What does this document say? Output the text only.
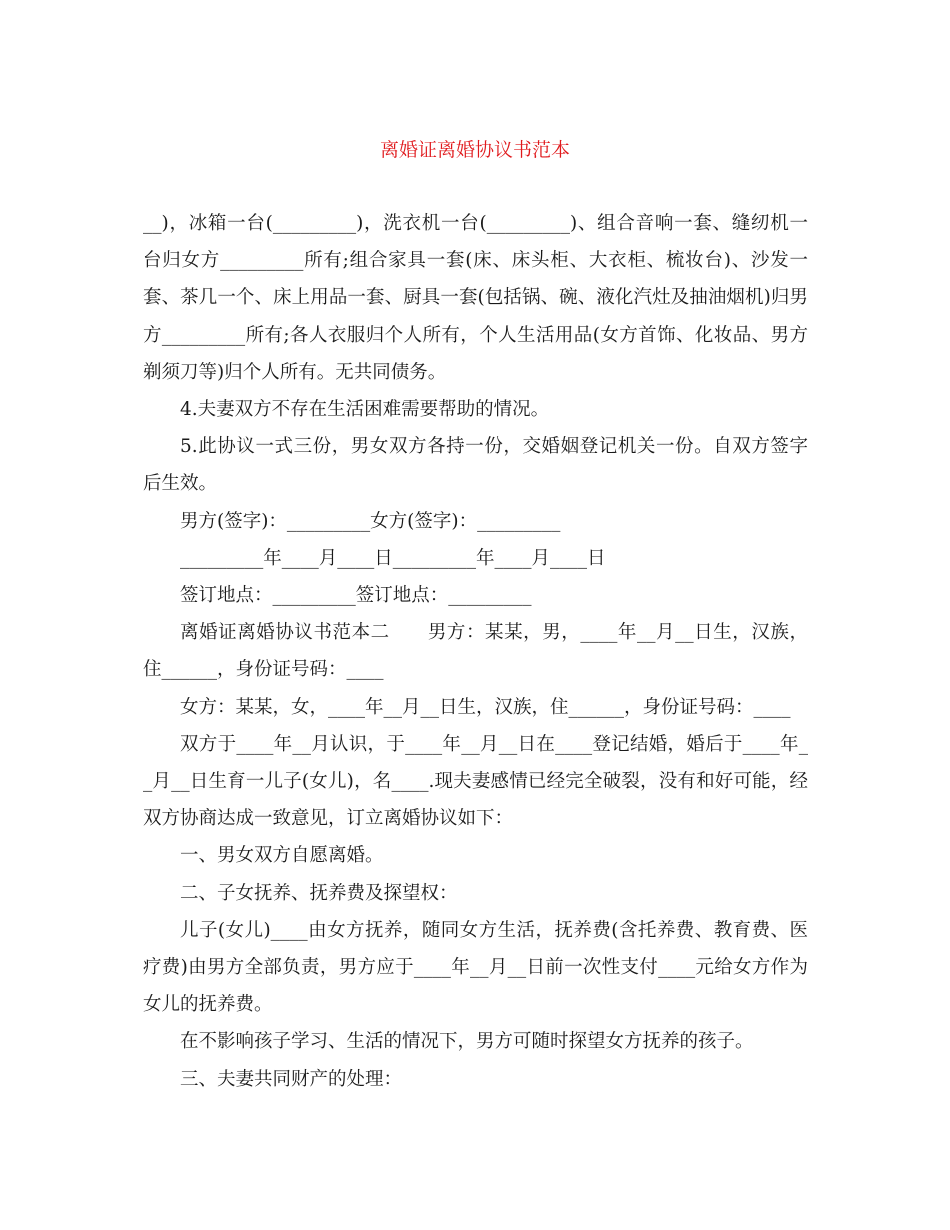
离婚证离婚协议书范本

__)，冰箱一台(_________)，洗衣机一台(_________)、组合音响一套、缝纫机一台归女方_________所有;组合家具一套(床、床头柜、大衣柜、梳妆台)、沙发一套、茶几一个、床上用品一套、厨具一套(包括锅、碗、液化汽灶及抽油烟机)归男方_________所有;各人衣服归个人所有，个人生活用品(女方首饰、化妆品、男方剃须刀等)归个人所有。无共同债务。

4.夫妻双方不存在生活困难需要帮助的情况。

5.此协议一式三份，男女双方各持一份，交婚姻登记机关一份。自双方签字后生效。

男方(签字)：_________女方(签字)：_________

_________年____月____日_________年____月____日

签订地点：_________签订地点：_________

离婚证离婚协议书范本二　　男方：某某，男，____年__月__日生，汉族，住______，身份证号码：____

女方：某某，女，____年__月__日生，汉族，住______，身份证号码：____

双方于____年__月认识，于____年__月__日在____登记结婚，婚后于____年__月__日生育一儿子(女儿)，名____.现夫妻感情已经完全破裂，没有和好可能，经双方协商达成一致意见，订立离婚协议如下：

一、男女双方自愿离婚。

二、子女抚养、抚养费及探望权：

儿子(女儿)____由女方抚养，随同女方生活，抚养费(含托养费、教育费、医疗费)由男方全部负责，男方应于____年__月__日前一次性支付____元给女方作为女儿的抚养费。

在不影响孩子学习、生活的情况下，男方可随时探望女方抚养的孩子。

三、夫妻共同财产的处理：
